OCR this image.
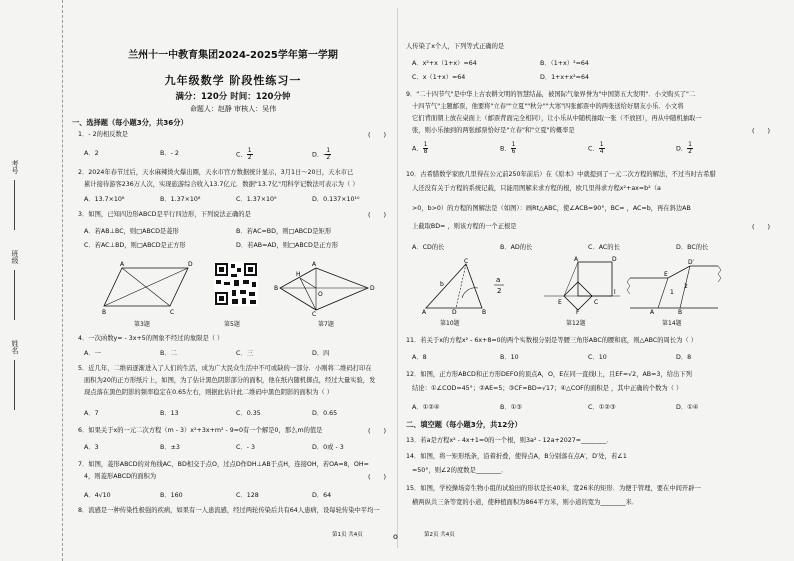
考号
班级
姓名
兰州十一中教育集团2024-2025学年第一学期
九年级数学 阶段性练习一
满分：120分 时间：120分钟
命题人：赵静 审核人：吴伟
一、选择题（每小题3分，共36分）
1．- 2的相反数是	(　　)
A．2	B．- 2	C． $\frac{1}{2}$	D．- $\frac{1}{2}$
2．2024年春节过后，天水麻辣烫火爆出圈，天水市官方数据统计显示，3月1日～20日，天水市已
累计接待游客236万人次，实现旅游综合收入13.7亿元．数据"13.7亿"用科学记数法可表示为（ ）
A．13.7×10⁸	B．1.37×10⁸	C．1.37×10⁹	D．0.137×10¹⁰
3．如图，已知四边形ABCD是平行四边形，下列说法正确的是	(　　)
A．若AB⊥BC，则□ABCD是菱形	B．若AC=BD，则□ABCD是矩形
C．若AC⊥BD，则□ABCD是正方形	D．若AB=AD，则□ABCD是正方形
A	D
B	C
H
A
D
C
B
O
第3题	第5题	第7题
4．一次函数y= - 3x+5的图象不经过的象限是（ ）
A．一	B．二	C．三	D．四
5．近几年，二维码逐渐进入了人们的生活，成为广大民众生活中不可或缺的一部分．小刚将二维码打印在
面积为20的正方形纸片上，如图，为了估计黑色阴影部分的面积，他在纸内随机掷点，经过大量实验，发
现点落在黑色阴影的频率稳定在0.65左右，则据此估计此二维码中黑色阴影的面积为（ ）
A．7	B．13	C．0.35	D．0.65
6．如果关于x的一元二次方程（m - 3）x²+3x+m² - 9=0有一个解是0，那么m的值是	(　　)
A．3	B．±3	C．- 3	D．0或 - 3
7．如图，菱形ABCD的对角线AC，BD相交于点O，过点D作DH⊥AB于点H，连接OH，若OA=8，OH=
4，则菱形ABCD的面积为	(　　)
A．4√10	B．160	C．128	D．64
8．流感是一种传染性极强的疾病，如果有一人患流感，经过两轮传染后共有64人患病，设每轮传染中平均一
第1页 共4页	o
人传染了x个人，下列等式正确的是
A．x²+x（1+x）=64	B．（1+x）²=64
C．x（1+x）=64	D．1+x+x²=64
9．"二十四节气"是中华上古农耕文明的智慧结晶，被国际气象界誉为"中国第五大发明"．小文购买了"二
十四节气"主题邮票，他要将"立春""立夏""秋分""大寒"四张邮票中的两张送给好朋友小乐．小文将
它们背面朝上放在桌面上（邮票背面完全相同），让小乐从中随机抽取一张（不放回），再从中随机抽取一
张，则小乐抽到的两张邮票恰好是"立春"和"立夏"的概率是	(　　)
A． $\frac{1}{8}$	B． $\frac{1}{6}$	C． $\frac{1}{4}$	D． $\frac{1}{2}$
10．古希腊数学家欧几里得在公元前250年前后）在《原本》中就提到了一元二次方程的解法，不过当时古希腊
人还没有关于方程的系统记载，只能用图解来求方程的根，欧几里得求方程x²+ax=b²（a
>0，b>0）的方程的图解法是（如图）：画Rt△ABC，使∠ACB=90°，BC= ，AC=b，再在斜边AB
上截取BD= ，则该方程的一个正根是	(　　)
A．CD的长	B．AD的长	C．AC的长	D．BC的长
C
A	B
D
b
a
2
A	D
E	C
F
l
E
D′
A	B
1
2
第10题	第12题	第14题
11．若关于x的方程x² - 6x+8=0的两个实数根分别是等腰三角形ABC的腰和底，则△ABC的周长为（ ）
A．8	B．10	C．10	D．8
12．如图，正方形ABCD和正方形DEFO的顶点A，O，E在同一直线l上，且EF=√2，AB=3，给出下列
结论：①∠COD=45°；②AE=5；③CF=BD=√17；④△COF的面积是 ，其中正确的个数为（ ）
A．①②④	B．①③	C．①②③	D．①④
二、填空题（每小题3分，共12分）
13．若a是方程x² - 4x+1=0的一个根，则3a² - 12a+2027=________．
14．如图，将一矩形纸条，沿着折叠，使得点A，B分别落在点A′，D′处，若∠1
=50°，则∠2的度数是________．
15．如图，学校操场旁生物小组的试验田的形状是长40米，宽26米的矩形．为便于管理，要在中间开辟一
横两纵共三条等宽的小道，使种植面积为864平方米，则小道的宽为________米．
第2页 共4页
